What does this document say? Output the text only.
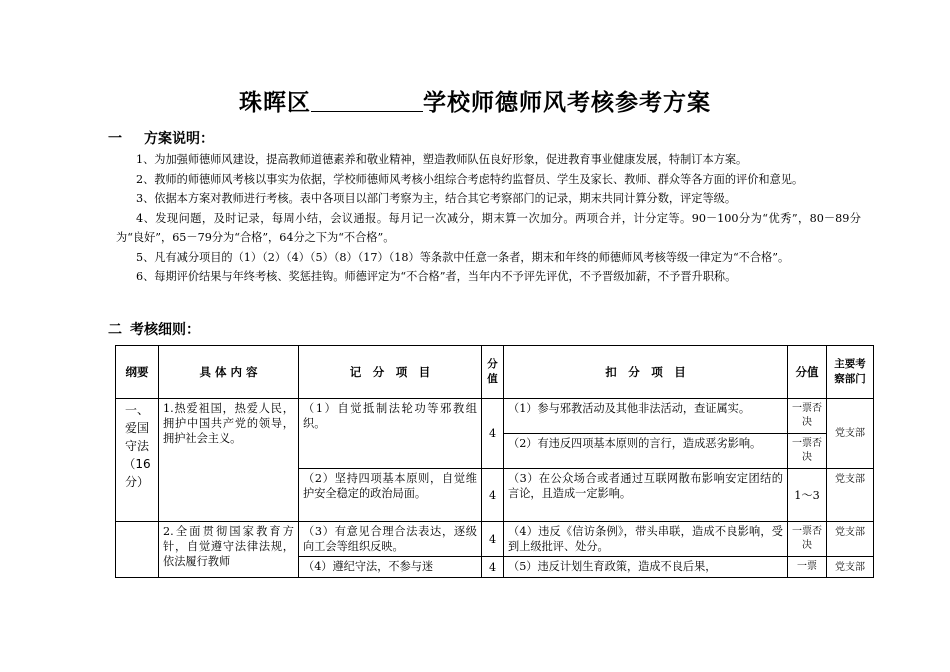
珠晖区	学校师德师风考核参考方案
一 方案说明：

1、为加强师德师风建设，提高教师道德素养和敬业精神，塑造教师队伍良好形象，促进教育事业健康发展，特制订本方案。

2、教师的师德师风考核以事实为依据，学校师德师风考核小组综合考虑特约监督员、学生及家长、教师、群众等各方面的评价和意见。

3、依据本方案对教师进行考核。表中各项目以部门考察为主，结合其它考察部门的记录，期末共同计算分数，评定等级。

4、发现问题，及时记录，每周小结，会议通报。每月记一次减分，期末算一次加分。两项合并，计分定等。90－100分为“优秀”，80－89分为“良好”，65－79分为“合格”，64分之下为“不合格”。

5、凡有减分项目的（1）（2）（4）（5）（8）（17）（18）等条款中任意一条者，期末和年终的师德师风考核等级一律定为“不合格”。

6、每期评价结果与年终考核、奖惩挂钩。师德评定为“不合格”者，当年内不予评先评优，不予晋级加薪，不予晋升职称。

二 考核细则：
纲要	具 体 内 容	记　分　项　目	分值	扣　分　项　目	分值	主要考察部门
一、爱国守法（16分）	1.热爱祖国，热爱人民，拥护中国共产党的领导，拥护社会主义。	（1）自觉抵制法轮功等邪教组织。	4	（1）参与邪教活动及其他非法活动，查证属实。	一票否决	党支部
				（2）有违反四项基本原则的言行，造成恶劣影响。	一票否决	
		（2）坚持四项基本原则，自觉维护安全稳定的政治局面。	4	（3）在公众场合或者通过互联网散布影响安定团结的言论，且造成一定影响。	1～3	党支部
	2.全面贯彻国家教育方针，自觉遵守法律法规，依法履行教师	（3）有意见合理合法表达，逐级向工会等组织反映。	4	（4）违反《信访条例》，带头串联，造成不良影响，受到上级批评、处分。	一票否决	党支部

		（4）遵纪守法，不参与迷	4	（5）违反计划生育政策，造成不良后果，	一票	党支部
